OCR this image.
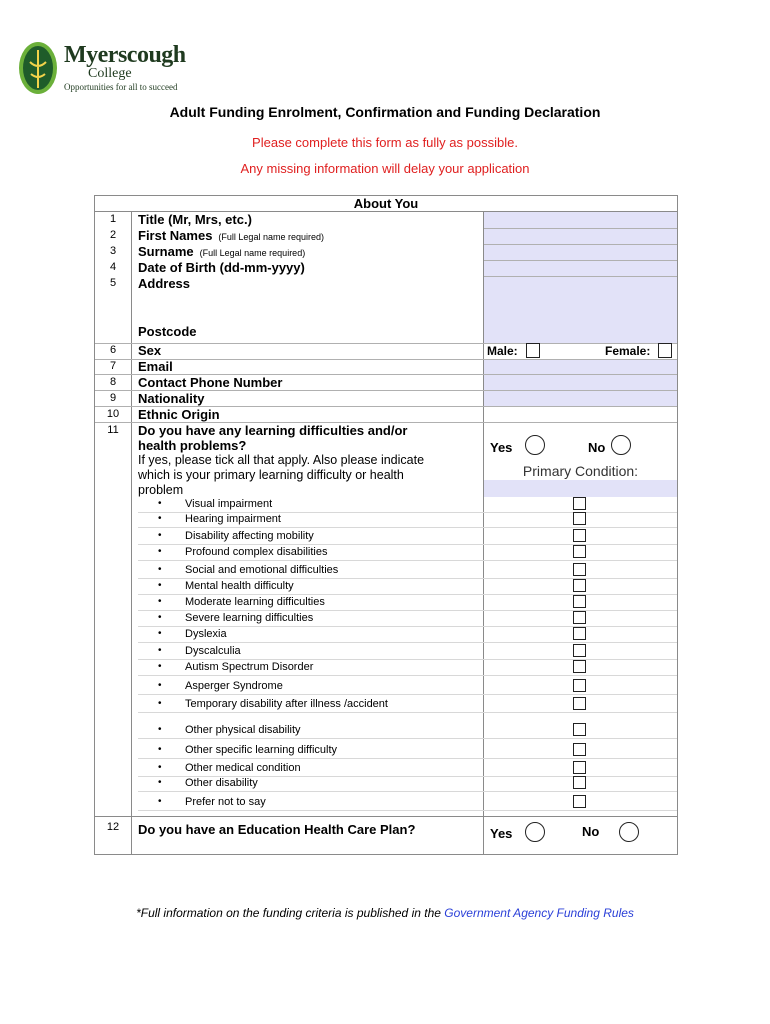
Myerscough
College
Opportunities for all to succeed
Adult Funding Enrolment, Confirmation and Funding Declaration
Please complete this form as fully as possible.
Any missing information will delay your application
About You
1	Title (Mr, Mrs, etc.)
2	First Names (Full Legal name required)
3	Surname (Full Legal name required)
4	Date of Birth (dd-mm-yyyy)
5	Address
Postcode
6	Sex	Male:	Female:
7	Email
8	Contact Phone Number
9	Nationality
10	Ethnic Origin
11	Do you have any learning difficulties and/or
health problems?
If yes, please tick all that apply. Also please indicate
which is your primary learning difficulty or health
problem
Yes	No
Primary Condition:
• Visual impairment
• Hearing impairment
• Disability affecting mobility
• Profound complex disabilities
• Social and emotional difficulties
• Mental health difficulty
• Moderate learning difficulties
• Severe learning difficulties
• Dyslexia
• Dyscalculia
• Autism Spectrum Disorder
• Asperger Syndrome
• Temporary disability after illness /accident
• Other physical disability
• Other specific learning difficulty
• Other medical condition
• Other disability
• Prefer not to say
12	Do you have an Education Health Care Plan?	Yes	No
*Full information on the funding criteria is published in the Government Agency Funding Rules
